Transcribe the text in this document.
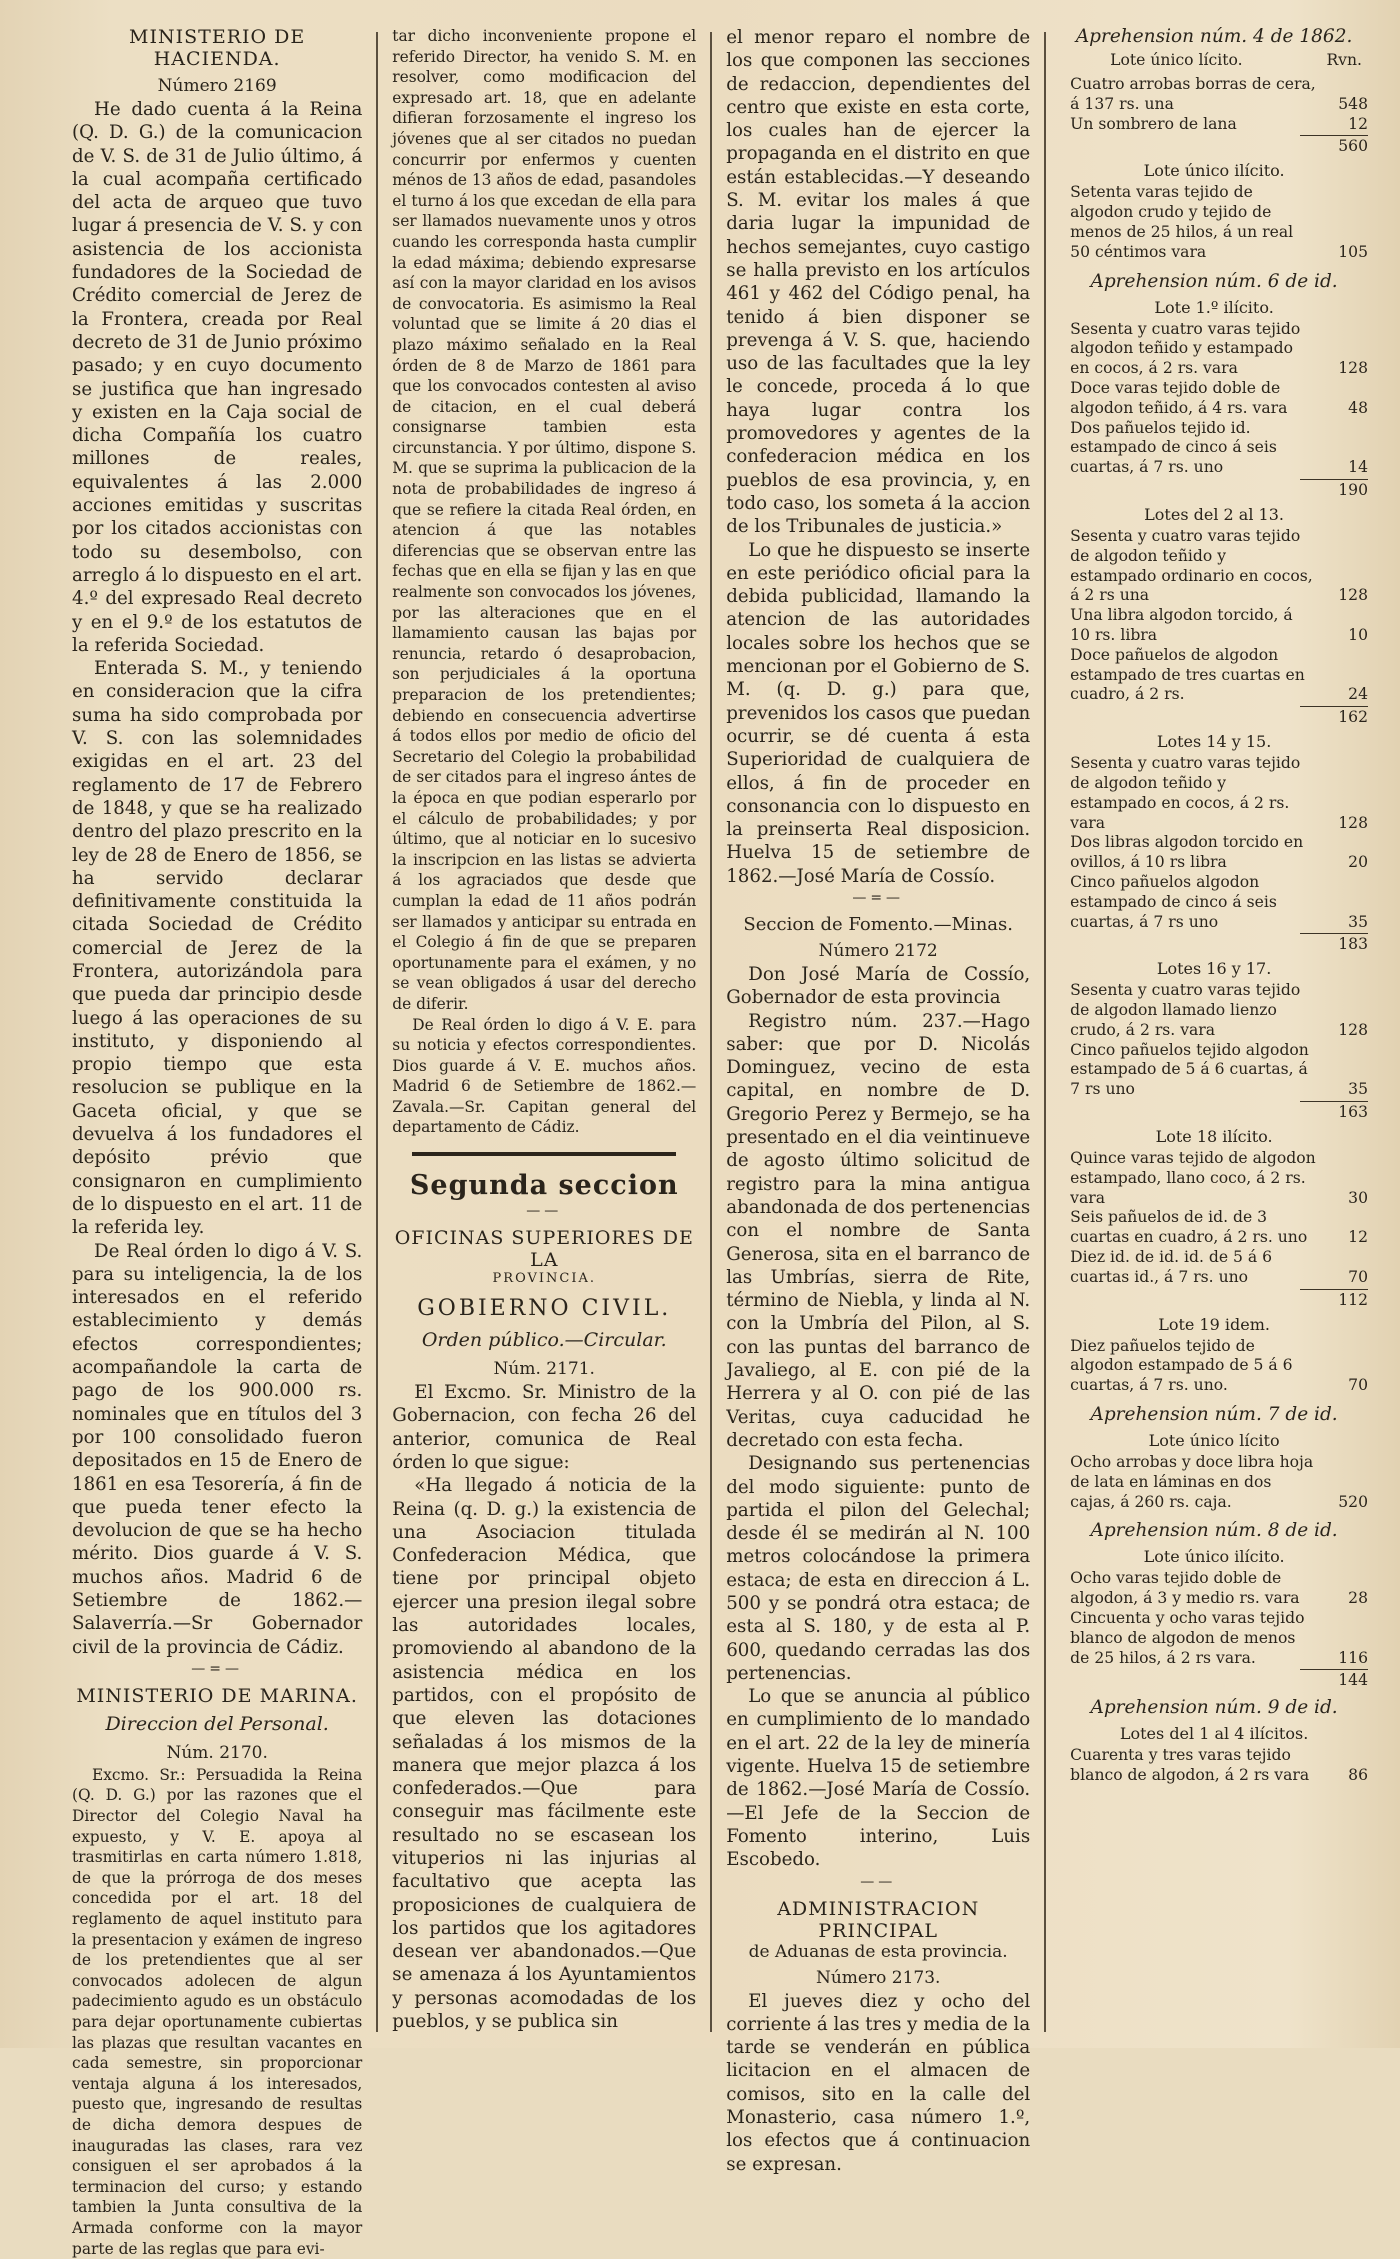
MINISTERIO DE HACIENDA.
Número 2169

He dado cuenta á la Reina (Q. D. G.) de la comunicacion de V. S. de 31 de Julio último, á la cual acompaña certificado del acta de arqueo que tuvo lugar á presencia de V. S. y con asistencia de los accionista fundadores de la Sociedad de Crédito comercial de Jerez de la Frontera, creada por Real decreto de 31 de Junio próximo pasado; y en cuyo documento se justifica que han ingresado y existen en la Caja social de dicha Compañía los cuatro millones de reales, equivalentes á las 2.000 acciones emitidas y suscritas por los citados accionistas con todo su desembolso, con arreglo á lo dispuesto en el art. 4.º del expresado Real decreto y en el 9.º de los estatutos de la referida Sociedad.

Enterada S. M., y teniendo en consideracion que la cifra suma ha sido comprobada por V. S. con las solemnidades exigidas en el art. 23 del reglamento de 17 de Febrero de 1848, y que se ha realizado dentro del plazo prescrito en la ley de 28 de Enero de 1856, se ha servido declarar definitivamente constituida la citada Sociedad de Crédito comercial de Jerez de la Frontera, autorizándola para que pueda dar principio desde luego á las operaciones de su instituto, y disponiendo al propio tiempo que esta resolucion se publique en la Gaceta oficial, y que se devuelva á los fundadores el depósito prévio que consignaron en cumplimiento de lo dispuesto en el art. 11 de la referida ley.

De Real órden lo digo á V. S. para su inteligencia, la de los interesados en el referido establecimiento y demás efectos correspondientes; acompañandole la carta de pago de los 900.000 rs. nominales que en títulos del 3 por 100 consolidado fueron depositados en 15 de Enero de 1861 en esa Tesorería, á fin de que pueda tener efecto la devolucion de que se ha hecho mérito. Dios guarde á V. S. muchos años. Madrid 6 de Setiembre de 1862.—Salaverría.—Sr Gobernador civil de la provincia de Cádiz.

—=—
MINISTERIO DE MARINA.
Direccion del Personal.
Núm. 2170.

Excmo. Sr.: Persuadida la Reina (Q. D. G.) por las razones que el Director del Colegio Naval ha expuesto, y V. E. apoya al trasmitirlas en carta número 1.818, de que la prórroga de dos meses concedida por el art. 18 del reglamento de aquel instituto para la presentacion y exámen de ingreso de los pretendientes que al ser convocados adolecen de algun padecimiento agudo es un obstáculo para dejar oportunamente cubiertas las plazas que resultan vacantes en cada semestre, sin proporcionar ventaja alguna á los interesados, puesto que, ingresando de resultas de dicha demora despues de inauguradas las clases, rara vez consiguen el ser aprobados á la terminacion del curso; y estando tambien la Junta consultiva de la Armada conforme con la mayor parte de las reglas que para evi-

tar dicho inconveniente propone el referido Director, ha venido S. M. en resolver, como modificacion del expresado art. 18, que en adelante difieran forzosamente el ingreso los jóvenes que al ser citados no puedan concurrir por enfermos y cuenten ménos de 13 años de edad, pasandoles el turno á los que excedan de ella para ser llamados nuevamente unos y otros cuando les corresponda hasta cumplir la edad máxima; debiendo expresarse así con la mayor claridad en los avisos de convocatoria. Es asimismo la Real voluntad que se limite á 20 dias el plazo máximo señalado en la Real órden de 8 de Marzo de 1861 para que los convocados contesten al aviso de citacion, en el cual deberá consignarse tambien esta circunstancia. Y por último, dispone S. M. que se suprima la publicacion de la nota de probabilidades de ingreso á que se refiere la citada Real órden, en atencion á que las notables diferencias que se observan entre las fechas que en ella se fijan y las en que realmente son convocados los jóvenes, por las alteraciones que en el llamamiento causan las bajas por renuncia, retardo ó desaprobacion, son perjudiciales á la oportuna preparacion de los pretendientes; debiendo en consecuencia advertirse á todos ellos por medio de oficio del Secretario del Colegio la probabilidad de ser citados para el ingreso ántes de la época en que podian esperarlo por el cálculo de probabilidades; y por último, que al noticiar en lo sucesivo la inscripcion en las listas se advierta á los agraciados que desde que cumplan la edad de 11 años podrán ser llamados y anticipar su entrada en el Colegio á fin de que se preparen oportunamente para el exámen, y no se vean obligados á usar del derecho de diferir.

De Real órden lo digo á V. E. para su noticia y efectos correspondientes. Dios guarde á V. E. muchos años. Madrid 6 de Setiembre de 1862.—Zavala.—Sr. Capitan general del departamento de Cádiz.

Segunda seccion
——
OFICINAS SUPERIORES DE LA
PROVINCIA.
GOBIERNO CIVIL.
Orden público.—Circular.
Núm. 2171.

El Excmo. Sr. Ministro de la Gobernacion, con fecha 26 del anterior, comunica de Real órden lo que sigue:

«Ha llegado á noticia de la Reina (q. D. g.) la existencia de una Asociacion titulada Confederacion Médica, que tiene por principal objeto ejercer una presion ilegal sobre las autoridades locales, promoviendo al abandono de la asistencia médica en los partidos, con el propósito de que eleven las dotaciones señaladas á los mismos de la manera que mejor plazca á los confederados.—Que para conseguir mas fácilmente este resultado no se escasean los vituperios ni las injurias al facultativo que acepta las proposiciones de cualquiera de los partidos que los agitadores desean ver abandonados.—Que se amenaza á los Ayuntamientos y personas acomodadas de los pueblos, y se publica sin

el menor reparo el nombre de los que componen las secciones de redaccion, dependientes del centro que existe en esta corte, los cuales han de ejercer la propaganda en el distrito en que están establecidas.—Y deseando S. M. evitar los males á que daria lugar la impunidad de hechos semejantes, cuyo castigo se halla previsto en los artículos 461 y 462 del Código penal, ha tenido á bien disponer se prevenga á V. S. que, haciendo uso de las facultades que la ley le concede, proceda á lo que haya lugar contra los promovedores y agentes de la confederacion médica en los pueblos de esa provincia, y, en todo caso, los someta á la accion de los Tribunales de justicia.»

Lo que he dispuesto se inserte en este periódico oficial para la debida publicidad, llamando la atencion de las autoridades locales sobre los hechos que se mencionan por el Gobierno de S. M. (q. D. g.) para que, prevenidos los casos que puedan ocurrir, se dé cuenta á esta Superioridad de cualquiera de ellos, á fin de proceder en consonancia con lo dispuesto en la preinserta Real disposicion. Huelva 15 de setiembre de 1862.—José María de Cossío.

—=—
Seccion de Fomento.—Minas.
Número 2172

Don José María de Cossío, Gobernador de esta provincia

Registro núm. 237.—Hago saber: que por D. Nicolás Dominguez, vecino de esta capital, en nombre de D. Gregorio Perez y Bermejo, se ha presentado en el dia veintinueve de agosto último solicitud de registro para la mina antigua abandonada de dos pertenencias con el nombre de Santa Generosa, sita en el barranco de las Umbrías, sierra de Rite, término de Niebla, y linda al N. con la Umbría del Pilon, al S. con las puntas del barranco de Javaliego, al E. con pié de la Herrera y al O. con pié de las Veritas, cuya caducidad he decretado con esta fecha.

Designando sus pertenencias del modo siguiente: punto de partida el pilon del Gelechal; desde él se medirán al N. 100 metros colocándose la primera estaca; de esta en direccion á L. 500 y se pondrá otra estaca; de esta al S. 180, y de esta al P. 600, quedando cerradas las dos pertenencias.

Lo que se anuncia al público en cumplimiento de lo mandado en el art. 22 de la ley de minería vigente. Huelva 15 de setiembre de 1862.—José María de Cossío.—El Jefe de la Seccion de Fomento interino, Luis Escobedo.

——
ADMINISTRACION PRINCIPAL
de Aduanas de esta provincia.
Número 2173.

El jueves diez y ocho del corriente á las tres y media de la tarde se venderán en pública licitacion en el almacen de comisos, sito en la calle del Monasterio, casa número 1.º, los efectos que á continuacion se expresan.

Aprehension núm. 4 de 1862.
Lote único lícito.	Rvn.
Cuatro arrobas borras de cera, á 137 rs. una	548
Un sombrero de lana	12
560
Lote único ilícito.
Setenta varas tejido de algodon crudo y tejido de menos de 25 hilos, á un real 50 céntimos vara	105
Aprehension núm. 6 de id.
Lote 1.º ilícito.
Sesenta y cuatro varas tejido algodon teñido y estampado en cocos, á 2 rs. vara	128
Doce varas tejido doble de algodon teñido, á 4 rs. vara	48
Dos pañuelos tejido id. estampado de cinco á seis cuartas, á 7 rs. uno	14
190
Lotes del 2 al 13.
Sesenta y cuatro varas tejido de algodon teñido y estampado ordinario en cocos, á 2 rs una	128
Una libra algodon torcido, á 10 rs. libra	10
Doce pañuelos de algodon estampado de tres cuartas en cuadro, á 2 rs.	24
162
Lotes 14 y 15.
Sesenta y cuatro varas tejido de algodon teñido y estampado en cocos, á 2 rs. vara	128
Dos libras algodon torcido en ovillos, á 10 rs libra	20
Cinco pañuelos algodon estampado de cinco á seis cuartas, á 7 rs uno	35
183
Lotes 16 y 17.
Sesenta y cuatro varas tejido de algodon llamado lienzo crudo, á 2 rs. vara	128
Cinco pañuelos tejido algodon estampado de 5 á 6 cuartas, á 7 rs uno	35
163
Lote 18 ilícito.
Quince varas tejido de algodon estampado, llano coco, á 2 rs. vara	30
Seis pañuelos de id. de 3 cuartas en cuadro, á 2 rs. uno	12
Diez id. de id. id. de 5 á 6 cuartas id., á 7 rs. uno	70
112
Lote 19 idem.
Diez pañuelos tejido de algodon estampado de 5 á 6 cuartas, á 7 rs. uno.	70
Aprehension núm. 7 de id.
Lote único lícito
Ocho arrobas y doce libra hoja de lata en láminas en dos cajas, á 260 rs. caja.	520
Aprehension núm. 8 de id.
Lote único ilícito.
Ocho varas tejido doble de algodon, á 3 y medio rs. vara	28
Cincuenta y ocho varas tejido blanco de algodon de menos de 25 hilos, á 2 rs vara.	116
144
Aprehension núm. 9 de id.
Lotes del 1 al 4 ilícitos.
Cuarenta y tres varas tejido blanco de algodon, á 2 rs vara	86
